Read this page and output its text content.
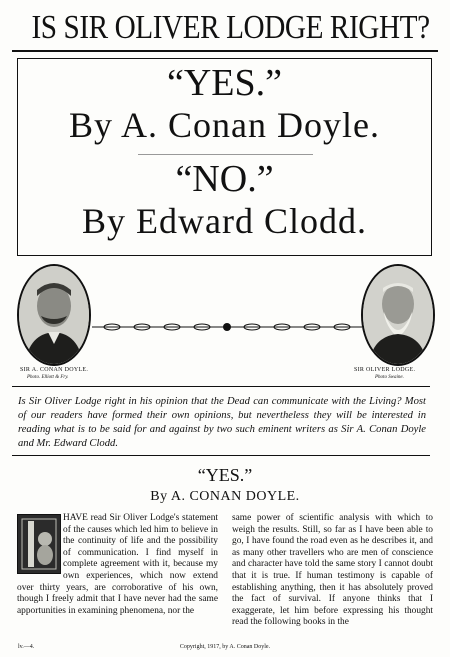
IS SIR OLIVER LODGE RIGHT?
“YES.”
By A. Conan Doyle.
“NO.”
By Edward Clodd.
SIR A. CONAN DOYLE.
Photo. Elliott & Fry.
SIR OLIVER LODGE.
Photo Swaine.
Is Sir Oliver Lodge right in his opinion that the Dead can communicate with the Living? Most of our readers have formed their own opinions, but nevertheless they will be interested in reading what is to be said for and against by two such eminent writers as Sir A. Conan Doyle and Mr. Edward Clodd.
“YES.”
By A. CONAN DOYLE.
HAVE read Sir Oliver Lodge's statement of the causes which led him to believe in the continuity of life and the possibility of communication. I find myself in complete agreement with it, because my own experiences, which now extend over thirty years, are corroborative of his own, though I freely admit that I have never had the same apportunities in examining phenomena, nor the
same power of scientific analysis with which to weigh the results. Still, so far as I have been able to go, I have found the road even as he describes it, and as many other travellers who are men of conscience and character have told the same story I cannot doubt that it is true. If human testimony is capable of establishing anything, then it has absolutely proved the fact of survival. If anyone thinks that I exaggerate, let him before expressing his thought read the following books in the
lv.—4.	Copyright, 1917, by A. Conan Doyle.
